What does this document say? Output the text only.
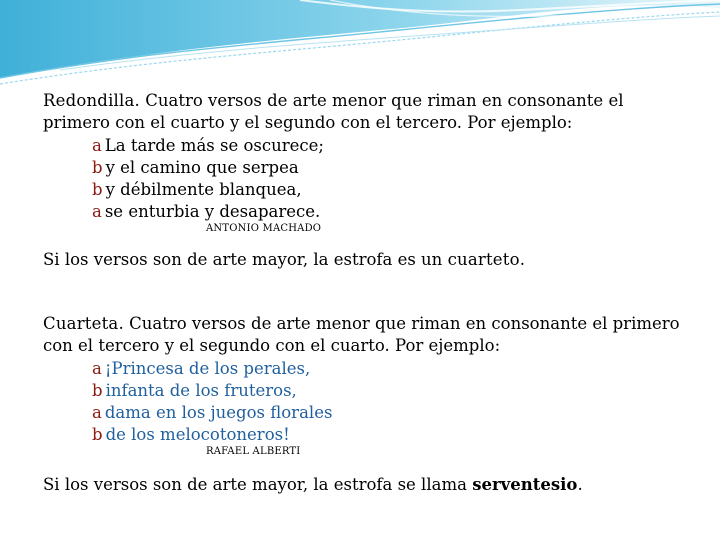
Redondilla. Cuatro versos de arte menor que riman en consonante el primero con el cuarto y el segundo con el tercero. Por ejemplo:

a La tarde más se oscurece;
b y el camino que serpea
b y débilmente blanquea,
a se enturbia y desaparece.
ANTONIO MACHADO

Si los versos son de arte mayor, la estrofa es un cuarteto.

Cuarteta. Cuatro versos de arte menor que riman en consonante el primero con el tercero y el segundo con el cuarto. Por ejemplo:

a ¡Princesa de los perales,
b infanta de los fruteros,
a dama en los juegos florales
b de los melocotoneros!
RAFAEL ALBERTI

Si los versos son de arte mayor, la estrofa se llama serventesio.
